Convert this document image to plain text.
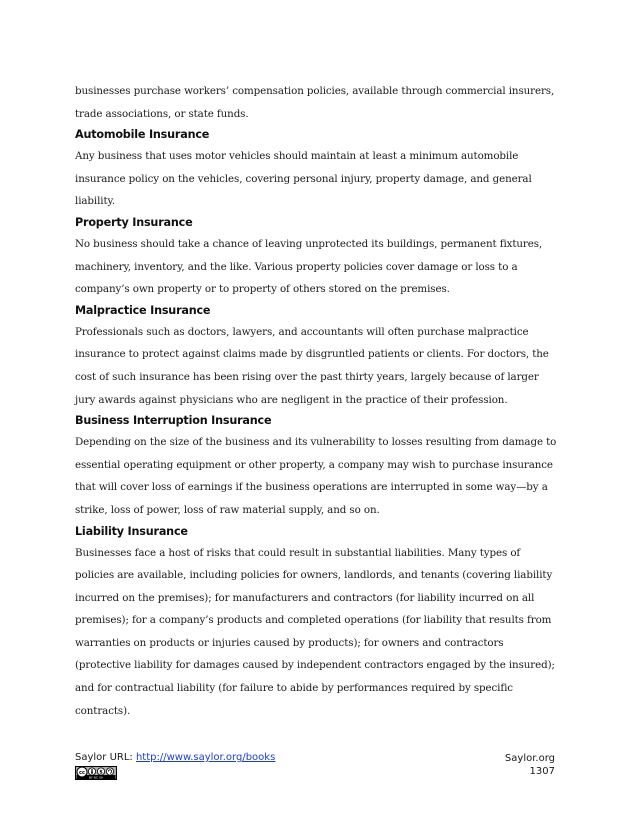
businesses purchase workers’ compensation policies, available through commercial insurers, trade associations, or state funds.

Automobile Insurance

Any business that uses motor vehicles should maintain at least a minimum automobile insurance policy on the vehicles, covering personal injury, property damage, and general liability.

Property Insurance

No business should take a chance of leaving unprotected its buildings, permanent fixtures, machinery, inventory, and the like. Various property policies cover damage or loss to a company’s own property or to property of others stored on the premises.

Malpractice Insurance

Professionals such as doctors, lawyers, and accountants will often purchase malpractice insurance to protect against claims made by disgruntled patients or clients. For doctors, the cost of such insurance has been rising over the past thirty years, largely because of larger jury awards against physicians who are negligent in the practice of their profession.

Business Interruption Insurance

Depending on the size of the business and its vulnerability to losses resulting from damage to essential operating equipment or other property, a company may wish to purchase insurance that will cover loss of earnings if the business operations are interrupted in some way—by a strike, loss of power, loss of raw material supply, and so on.

Liability Insurance

Businesses face a host of risks that could result in substantial liabilities. Many types of policies are available, including policies for owners, landlords, and tenants (covering liability incurred on the premises); for manufacturers and contractors (for liability incurred on all premises); for a company’s products and completed operations (for liability that results from warranties on products or injuries caused by products); for owners and contractors (protective liability for damages caused by independent contractors engaged by the insured); and for contractual liability (for failure to abide by performances required by specific contracts).

Saylor URL: http://www.saylor.org/books
cc	$
BY NC SA
Saylor.org
1307
